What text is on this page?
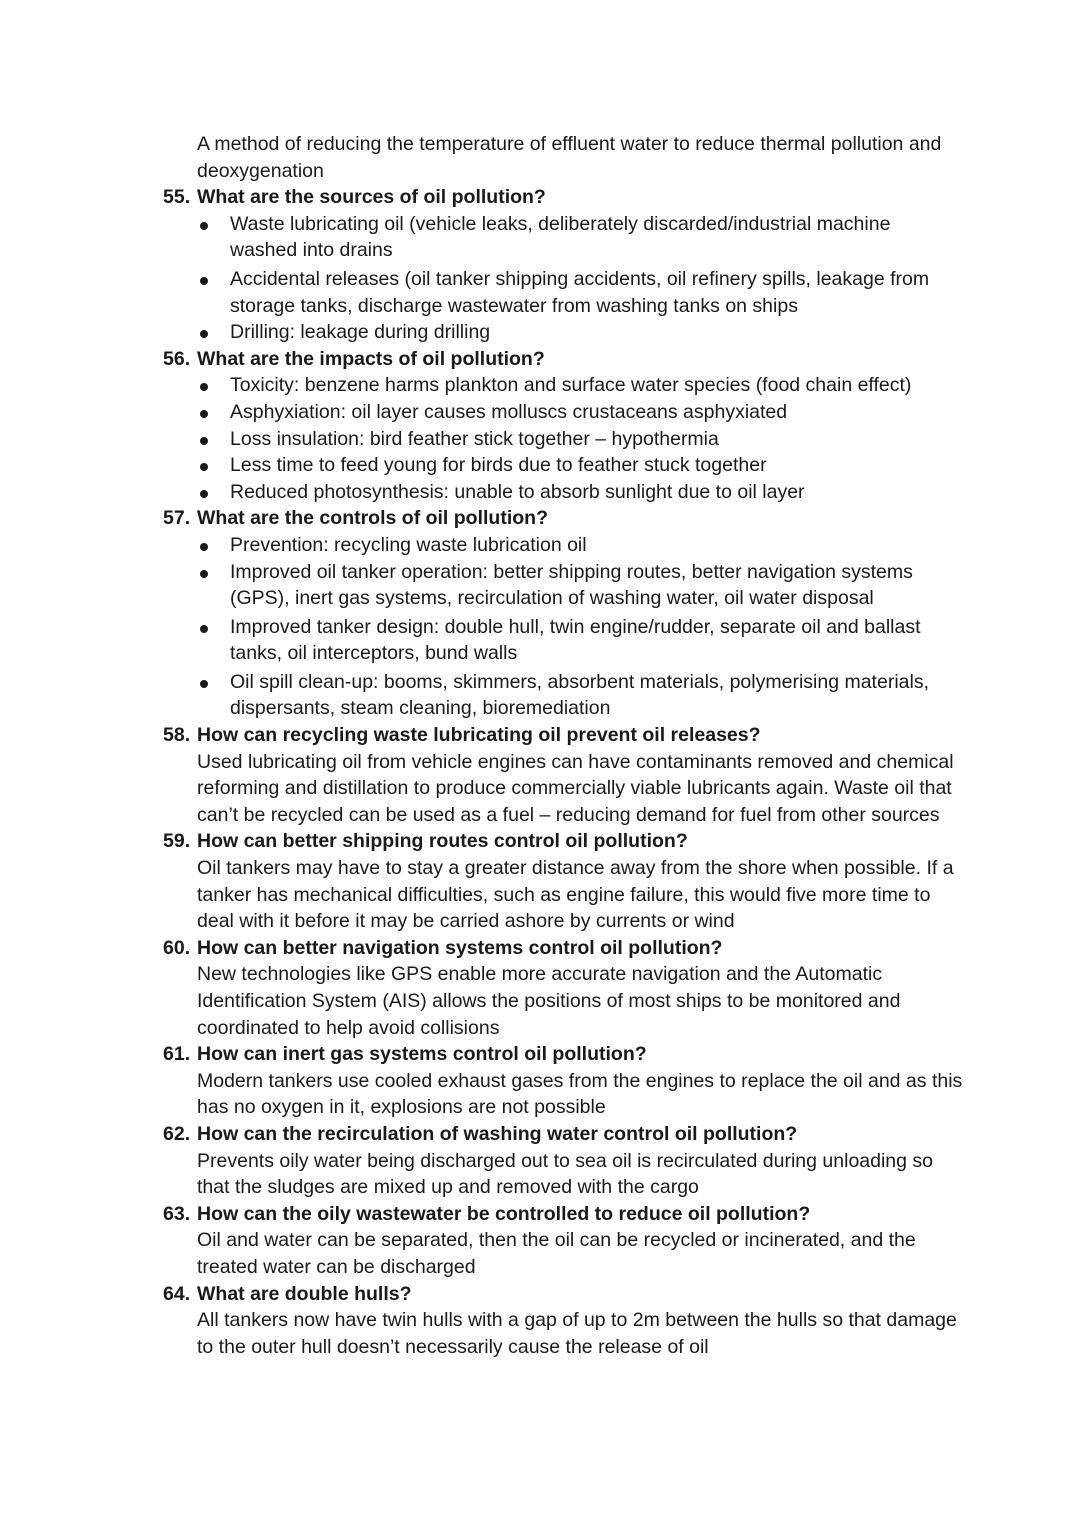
A method of reducing the temperature of effluent water to reduce thermal pollution and deoxygenation
55. What are the sources of oil pollution?
Waste lubricating oil (vehicle leaks, deliberately discarded/industrial machine washed into drains
Accidental releases (oil tanker shipping accidents, oil refinery spills, leakage from storage tanks, discharge wastewater from washing tanks on ships
Drilling: leakage during drilling
56. What are the impacts of oil pollution?
Toxicity: benzene harms plankton and surface water species (food chain effect)
Asphyxiation: oil layer causes molluscs crustaceans asphyxiated
Loss insulation: bird feather stick together – hypothermia
Less time to feed young for birds due to feather stuck together
Reduced photosynthesis: unable to absorb sunlight due to oil layer
57. What are the controls of oil pollution?
Prevention: recycling waste lubrication oil
Improved oil tanker operation: better shipping routes, better navigation systems (GPS), inert gas systems, recirculation of washing water, oil water disposal
Improved tanker design: double hull, twin engine/rudder, separate oil and ballast tanks, oil interceptors, bund walls
Oil spill clean-up: booms, skimmers, absorbent materials, polymerising materials, dispersants, steam cleaning, bioremediation
58. How can recycling waste lubricating oil prevent oil releases?
Used lubricating oil from vehicle engines can have contaminants removed and chemical reforming and distillation to produce commercially viable lubricants again. Waste oil that can’t be recycled can be used as a fuel – reducing demand for fuel from other sources
59. How can better shipping routes control oil pollution?
Oil tankers may have to stay a greater distance away from the shore when possible. If a tanker has mechanical difficulties, such as engine failure, this would five more time to deal with it before it may be carried ashore by currents or wind
60. How can better navigation systems control oil pollution?
New technologies like GPS enable more accurate navigation and the Automatic Identification System (AIS) allows the positions of most ships to be monitored and coordinated to help avoid collisions
61. How can inert gas systems control oil pollution?
Modern tankers use cooled exhaust gases from the engines to replace the oil and as this has no oxygen in it, explosions are not possible
62. How can the recirculation of washing water control oil pollution?
Prevents oily water being discharged out to sea oil is recirculated during unloading so that the sludges are mixed up and removed with the cargo
63. How can the oily wastewater be controlled to reduce oil pollution?
Oil and water can be separated, then the oil can be recycled or incinerated, and the treated water can be discharged
64. What are double hulls?
All tankers now have twin hulls with a gap of up to 2m between the hulls so that damage to the outer hull doesn’t necessarily cause the release of oil
